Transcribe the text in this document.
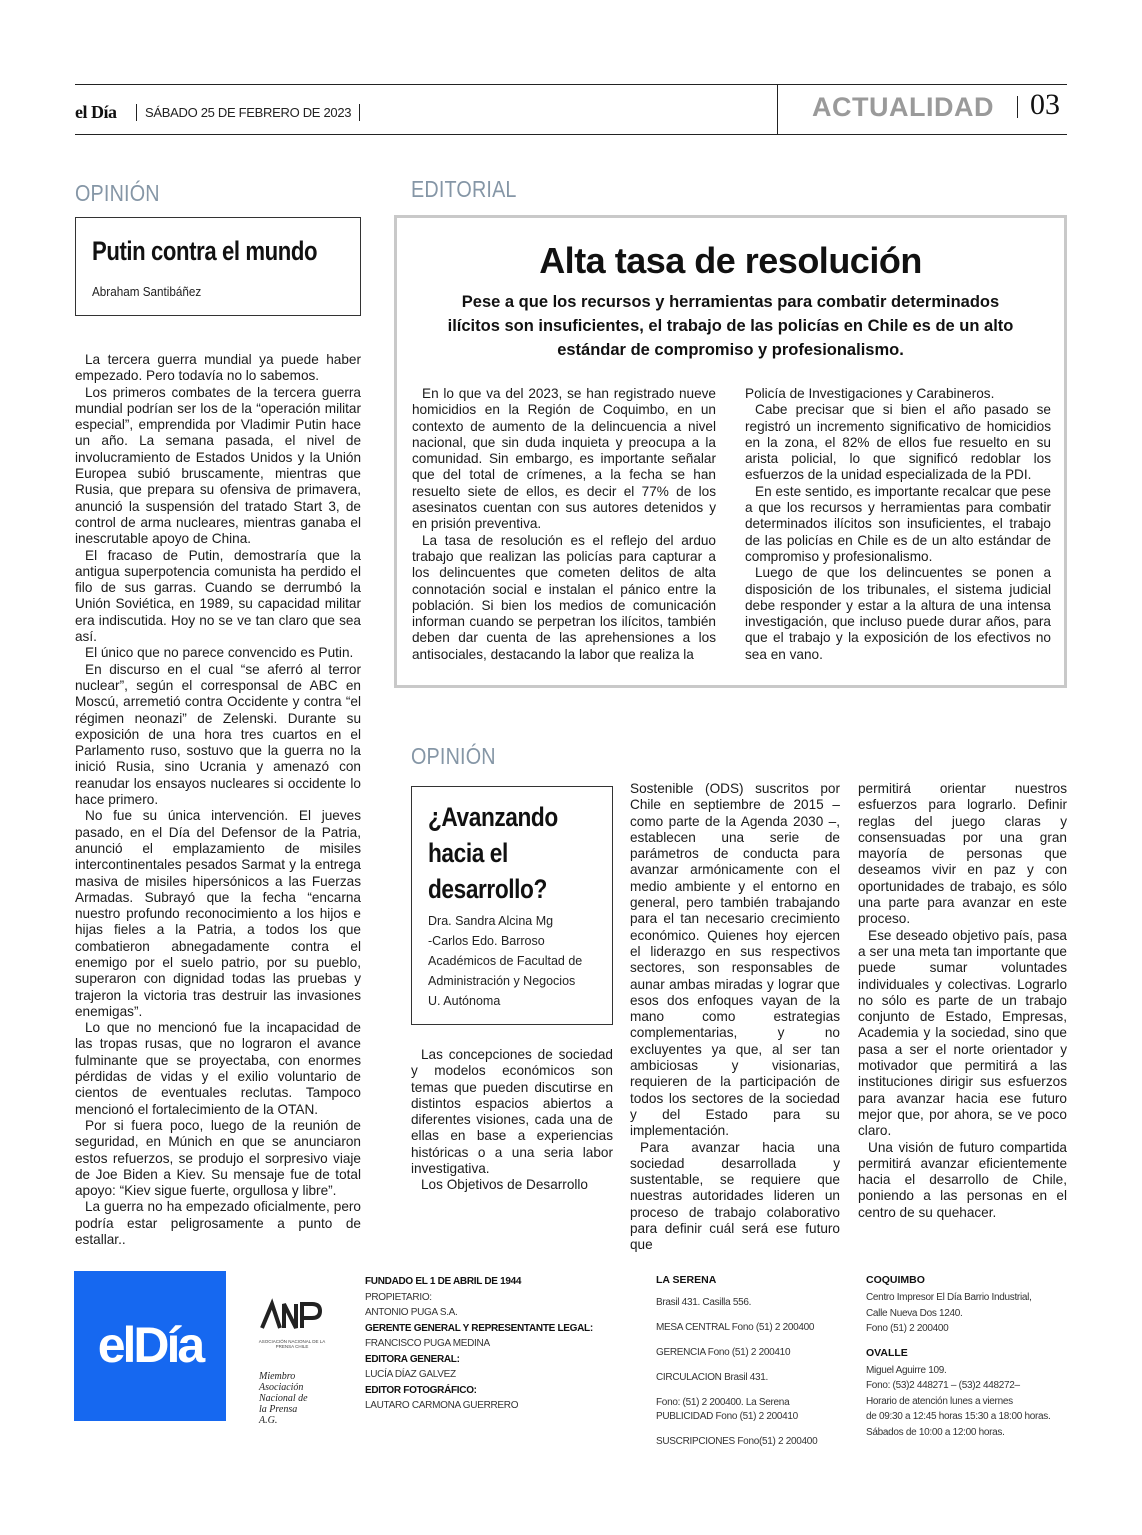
el Día SÁBADO 25 DE FEBRERO DE 2023	ACTUALIDAD 03
OPINIÓN
Putin contra el mundo
Abraham Santibáñez

La tercera guerra mundial ya puede haber empezado. Pero todavía no lo sabemos.

Los primeros combates de la tercera guerra mundial podrían ser los de la “operación militar especial”, emprendida por Vladimir Putin hace un año. La semana pasada, el nivel de involucramiento de Estados Unidos y la Unión Europea subió bruscamente, mientras que Rusia, que prepara su ofensiva de primavera, anunció la suspensión del tratado Start 3, de control de arma nucleares, mientras ganaba el inescrutable apoyo de China.

El fracaso de Putin, demostraría que la antigua superpotencia comunista ha perdido el filo de sus garras. Cuando se derrumbó la Unión Soviética, en 1989, su capacidad militar era indiscutida. Hoy no se ve tan claro que sea así.

El único que no parece convencido es Putin.

En discurso en el cual “se aferró al terror nuclear”, según el corresponsal de ABC en Moscú, arremetió contra Occidente y contra “el régimen neonazi” de Zelenski. Durante su exposición de una hora tres cuartos en el Parlamento ruso, sostuvo que la guerra no la inició Rusia, sino Ucrania y amenazó con reanudar los ensayos nucleares si occidente lo hace primero.

No fue su única intervención. El jueves pasado, en el Día del Defensor de la Patria, anunció el emplazamiento de misiles intercontinentales pesados Sarmat y la entrega masiva de misiles hipersónicos a las Fuerzas Armadas. Subrayó que la fecha “encarna nuestro profundo reconocimiento a los hijos e hijas fieles a la Patria, a todos los que combatieron abnegadamente contra el enemigo por el suelo patrio, por su pueblo, superaron con dignidad todas las pruebas y trajeron la victoria tras destruir las invasiones enemigas”.

Lo que no mencionó fue la incapacidad de las tropas rusas, que no lograron el avance fulminante que se proyectaba, con enormes pérdidas de vidas y el exilio voluntario de cientos de eventuales reclutas. Tampoco mencionó el fortalecimiento de la OTAN.

Por si fuera poco, luego de la reunión de seguridad, en Múnich en que se anunciaron estos refuerzos, se produjo el sorpresivo viaje de Joe Biden a Kiev. Su mensaje fue de total apoyo: “Kiev sigue fuerte, orgullosa y libre”.

La guerra no ha empezado oficialmente, pero podría estar peligrosamente a punto de estallar..

EDITORIAL
Alta tasa de resolución
Pese a que los recursos y herramientas para combatir determinados ilícitos son insuficientes, el trabajo de las policías en Chile es de un alto estándar de compromiso y profesionalismo.

En lo que va del 2023, se han registrado nueve homicidios en la Región de Coquimbo, en un contexto de aumento de la delincuencia a nivel nacional, que sin duda inquieta y preocupa a la comunidad. Sin embargo, es importante señalar que del total de crímenes, a la fecha se han resuelto siete de ellos, es decir el 77% de los asesinatos cuentan con sus autores detenidos y en prisión preventiva.

La tasa de resolución es el reflejo del arduo trabajo que realizan las policías para capturar a los delincuentes que cometen delitos de alta connotación social e instalan el pánico entre la población. Si bien los medios de comunicación informan cuando se perpetran los ilícitos, también deben dar cuenta de las aprehensiones a los antisociales, destacando la labor que realiza la

Policía de Investigaciones y Carabineros.

Cabe precisar que si bien el año pasado se registró un incremento significativo de homicidios en la zona, el 82% de ellos fue resuelto en su arista policial, lo que significó redoblar los esfuerzos de la unidad especializada de la PDI.

En este sentido, es importante recalcar que pese a que los recursos y herramientas para combatir determinados ilícitos son insuficientes, el trabajo de las policías en Chile es de un alto estándar de compromiso y profesionalismo.

Luego de que los delincuentes se ponen a disposición de los tribunales, el sistema judicial debe responder y estar a la altura de una intensa investigación, que incluso puede durar años, para que el trabajo y la exposición de los efectivos no sea en vano.

OPINIÓN
¿Avanzando hacia el desarrollo?
Dra. Sandra Alcina Mg
-Carlos Edo. Barroso
Académicos de Facultad de
Administración y Negocios
U. Autónoma

Las concepciones de sociedad y modelos económicos son temas que pueden discutirse en distintos espacios abiertos a diferentes visiones, cada una de ellas en base a experiencias históricas o a una seria labor investigativa.

Los Objetivos de Desarrollo

Sostenible (ODS) suscritos por Chile en septiembre de 2015 – como parte de la Agenda 2030 –, establecen una serie de parámetros de conducta para avanzar armónicamente con el medio ambiente y el entorno en general, pero también trabajando para el tan necesario crecimiento económico. Quienes hoy ejercen el liderazgo en sus respectivos sectores, son responsables de aunar ambas miradas y lograr que esos dos enfoques vayan de la mano como estrategias complementarias, y no excluyentes ya que, al ser tan ambiciosas y visionarias, requieren de la participación de todos los sectores de la sociedad y del Estado para su implementación.

Para avanzar hacia una sociedad desarrollada y sustentable, se requiere que nuestras autoridades lideren un proceso de trabajo colaborativo para definir cuál será ese futuro que

permitirá orientar nuestros esfuerzos para lograrlo. Definir reglas del juego claras y consensuadas por una gran mayoría de personas que deseamos vivir en paz y con oportunidades de trabajo, es sólo una parte para avanzar en este proceso.

Ese deseado objetivo país, pasa a ser una meta tan importante que puede sumar voluntades individuales y colectivas. Lograrlo no sólo es parte de un trabajo conjunto de Estado, Empresas, Academia y la sociedad, sino que pasa a ser el norte orientador y motivador que permitirá a las instituciones dirigir sus esfuerzos para avanzar hacia ese futuro mejor que, por ahora, se ve poco claro.

Una visión de futuro compartida permitirá avanzar eficientemente hacia el desarrollo de Chile, poniendo a las personas en el centro de su quehacer.

elDía	ASOCIACIÓN NACIONAL DE LA PRENSA CHILE
Miembro Asociación Nacional de la Prensa A.G.
FUNDADO EL 1 DE ABRIL DE 1944
PROPIETARIO:
ANTONIO PUGA S.A.
GERENTE GENERAL Y REPRESENTANTE LEGAL:
FRANCISCO PUGA MEDINA
EDITORA GENERAL:
LUCÍA DÍAZ GALVEZ
EDITOR FOTOGRÁFICO:
LAUTARO CARMONA GUERRERO
LA SERENA
Brasil 431. Casilla 556.
MESA CENTRAL Fono (51) 2 200400
GERENCIA Fono (51) 2 200410
CIRCULACION Brasil 431.
Fono: (51) 2 200400. La Serena
PUBLICIDAD Fono (51) 2 200410
SUSCRIPCIONES Fono(51) 2 200400
COQUIMBO
Centro Impresor El Día Barrio Industrial,
Calle Nueva Dos 1240.
Fono (51) 2 200400
OVALLE
Miguel Aguirre 109.
Fono: (53)2 448271 – (53)2 448272–
Horario de atención lunes a viernes
de 09:30 a 12:45 horas 15:30 a 18:00 horas.
Sábados de 10:00 a 12:00 horas.
